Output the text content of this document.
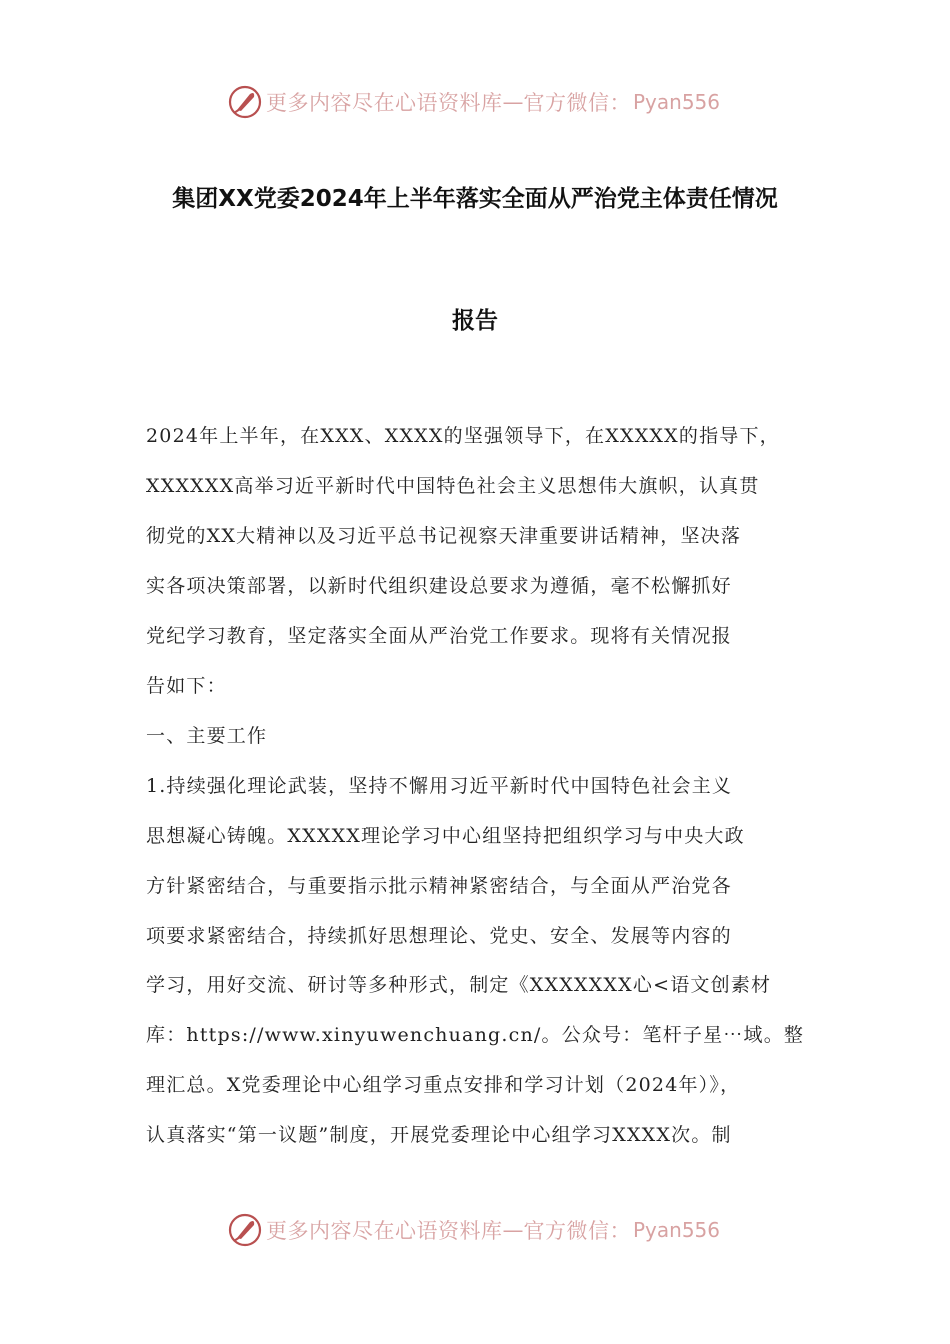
更多内容尽在心语资料库 — 官方微信： Pyan556
集团XX党委2024年上半年落实全面从严治党主体责任情况
报告
2024年上半年，在XXX、XXXX的坚强领导下，在XXXXX的指导下，
XXXXXX高举习近平新时代中国特色社会主义思想伟大旗帜，认真贯
彻党的XX大精神以及习近平总书记视察天津重要讲话精神，坚决落
实各项决策部署，以新时代组织建设总要求为遵循，毫不松懈抓好
党纪学习教育，坚定落实全面从严治党工作要求。现将有关情况报
告如下：
一、主要工作
1.持续强化理论武装，坚持不懈用习近平新时代中国特色社会主义
思想凝心铸魄。XXXXX理论学习中心组坚持把组织学习与中央大政
方针紧密结合，与重要指示批示精神紧密结合，与全面从严治党各
项要求紧密结合，持续抓好思想理论、党史、安全、发展等内容的
学习，用好交流、研讨等多种形式，制定《XXXXXXX心<语文创素材
库：https://www.xinyuwenchuang.cn/。公众号：笔杆子星⋯域。整
理汇总。X党委理论中心组学习重点安排和学习计划（2024年）》，
认真落实“第一议题”制度，开展党委理论中心组学习XXXX次。制
更多内容尽在心语资料库 — 官方微信： Pyan556
